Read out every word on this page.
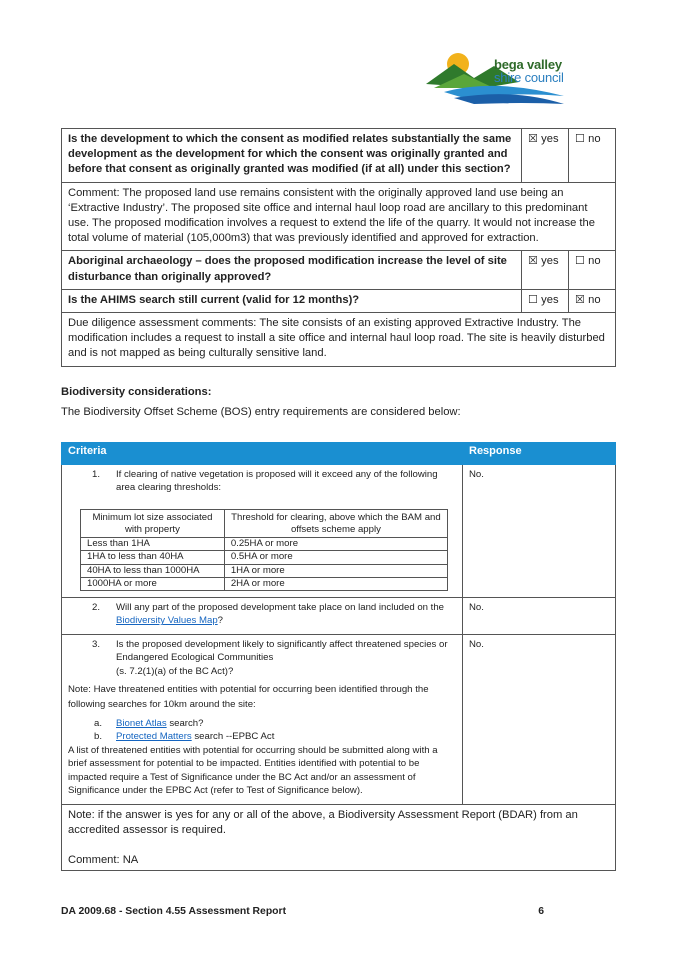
bega valley
shire council
Is the development to which the consent as modified relates substantially the same development as the development for which the consent was originally granted and before that consent as originally granted was modified (if at all) under this section?	☒ yes	☐ no
Comment: The proposed land use remains consistent with the originally approved land use being an ‘Extractive Industry’. The proposed site office and internal haul loop road are ancillary to this predominant use. The proposed modification involves a request to extend the life of the quarry. It would not increase the total volume of material (105,000m3) that was previously identified and approved for extraction.		
Aboriginal archaeology – does the proposed modification increase the level of site disturbance than originally approved?	☒ yes	☐ no
Is the AHIMS search still current (valid for 12 months)?	☐ yes	☒ no
Due diligence assessment comments: The site consists of an existing approved Extractive Industry. The modification includes a request to install a site office and internal haul loop road. The site is heavily disturbed and is not mapped as being culturally sensitive land.		
Biodiversity considerations:
The Biodiversity Offset Scheme (BOS) entry requirements are considered below:
Criteria	Response

1.	If clearing of native vegetation is proposed will it exceed any of the following area clearing thresholds:
Minimum lot size associated with property	Threshold for clearing, above which the BAM and offsets scheme apply
Less than 1HA	0.25HA or more
1HA to less than 40HA	0.5HA or more
40HA to less than 1000HA	1HA or more
1000HA or more	2HA or more
	No.

2.	Will any part of the proposed development take place on land included on the Biodiversity Values Map?
	No.

3.	Is the proposed development likely to significantly affect threatened species or Endangered Ecological Communities
(s. 7.2(1)(a) of the BC Act)?
Note: Have threatened entities with potential for occurring been identified through the following searches for 10km around the site:
a.	Bionet Atlas search?
b.	Protected Matters search --EPBC Act
A list of threatened entities with potential for occurring should be submitted along with a brief assessment for potential to be impacted. Entities identified with potential to be impacted require a Test of Significance under the BC Act and/or an assessment of Significance under the EPBC Act (refer to Test of Significance below).
	No.

Note: if the answer is yes for any or all of the above, a Biodiversity Assessment Report (BDAR) from an accredited assessor is required.
Comment: NA
DA 2009.68 - Section 4.55 Assessment Report	6
